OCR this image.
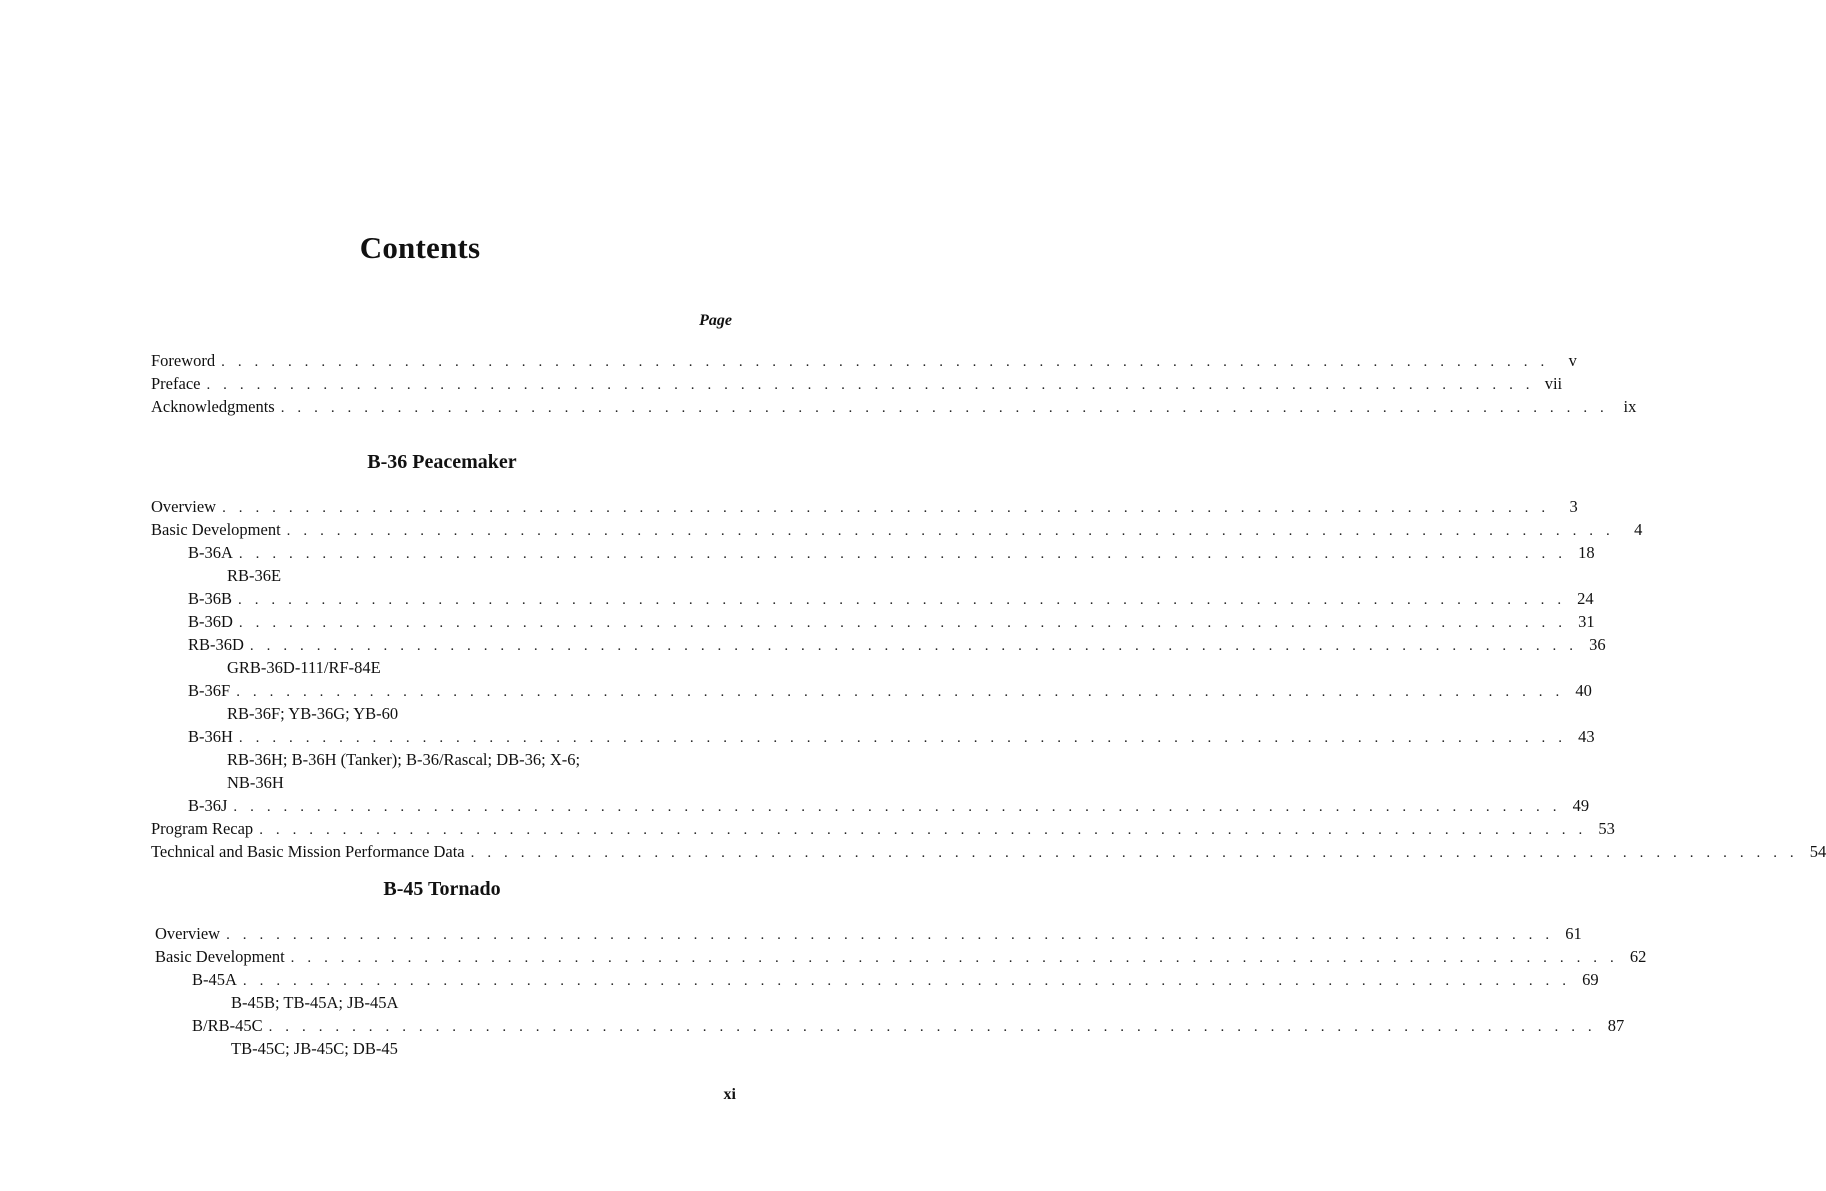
Contents
Page
Foreword . . . . . . . . . . . . . . . . . . . . . . . . . . . . . . . . . . . . . . . . . . . . . . . . . . . . . . . . . . . . . . . . . . . . . . . . . . . . . . . .	v
Preface . . . . . . . . . . . . . . . . . . . . . . . . . . . . . . . . . . . . . . . . . . . . . . . . . . . . . . . . . . . . . . . . . . . . . . . . . . . . . . . . vii
Acknowledgments . . . . . . . . . . . . . . . . . . . . . . . . . . . . . . . . . . . . . . . . . . . . . . . . . . . . . . . . . . . . . . . . . . . . . . . . . . . . . . . . ix
B-36 Peacemaker
Overview . . . . . . . . . . . . . . . . . . . . . . . . . . . . . . . . . . . . . . . . . . . . . . . . . . . . . . . . . . . . . . . . . . . . . . . . . . . . . . . .	3
Basic Development . . . . . . . . . . . . . . . . . . . . . . . . . . . . . . . . . . . . . . . . . . . . . . . . . . . . . . . . . . . . . . . . . . . . . . . . . . . . . . . .	4
B-36A . . . . . . . . . . . . . . . . . . . . . . . . . . . . . . . . . . . . . . . . . . . . . . . . . . . . . . . . . . . . . . . . . . . . . . . . . . . . . . . . 18
RB-36E
B-36B . . . . . . . . . . . . . . . . . . . . . . . . . . . . . . . . . . . . . . . . . . . . . . . . . . . . . . . . . . . . . . . . . . . . . . . . . . . . . . . . 24
B-36D . . . . . . . . . . . . . . . . . . . . . . . . . . . . . . . . . . . . . . . . . . . . . . . . . . . . . . . . . . . . . . . . . . . . . . . . . . . . . . . . 31
RB-36D . . . . . . . . . . . . . . . . . . . . . . . . . . . . . . . . . . . . . . . . . . . . . . . . . . . . . . . . . . . . . . . . . . . . . . . . . . . . . . . . 36
GRB-36D-111/RF-84E
B-36F . . . . . . . . . . . . . . . . . . . . . . . . . . . . . . . . . . . . . . . . . . . . . . . . . . . . . . . . . . . . . . . . . . . . . . . . . . . . . . . . 40
RB-36F; YB-36G; YB-60
B-36H . . . . . . . . . . . . . . . . . . . . . . . . . . . . . . . . . . . . . . . . . . . . . . . . . . . . . . . . . . . . . . . . . . . . . . . . . . . . . . . . 43
RB-36H; B-36H (Tanker); B-36/Rascal; DB-36; X-6;
NB-36H
B-36J . . . . . . . . . . . . . . . . . . . . . . . . . . . . . . . . . . . . . . . . . . . . . . . . . . . . . . . . . . . . . . . . . . . . . . . . . . . . . . . . 49
Program Recap . . . . . . . . . . . . . . . . . . . . . . . . . . . . . . . . . . . . . . . . . . . . . . . . . . . . . . . . . . . . . . . . . . . . . . . . . . . . . . . . 53
Technical and Basic Mission Performance Data . . . . . . . . . . . . . . . . . . . . . . . . . . . . . . . . . . . . . . . . . . . . . . . . . . . . . . . . . . . . . . . . . . . . . . . . . . . . . . . . 54
B-45 Tornado
Overview . . . . . . . . . . . . . . . . . . . . . . . . . . . . . . . . . . . . . . . . . . . . . . . . . . . . . . . . . . . . . . . . . . . . . . . . . . . . . . . . 61
Basic Development . . . . . . . . . . . . . . . . . . . . . . . . . . . . . . . . . . . . . . . . . . . . . . . . . . . . . . . . . . . . . . . . . . . . . . . . . . . . . . . . 62
B-45A . . . . . . . . . . . . . . . . . . . . . . . . . . . . . . . . . . . . . . . . . . . . . . . . . . . . . . . . . . . . . . . . . . . . . . . . . . . . . . . . 69
B-45B; TB-45A; JB-45A
B/RB-45C . . . . . . . . . . . . . . . . . . . . . . . . . . . . . . . . . . . . . . . . . . . . . . . . . . . . . . . . . . . . . . . . . . . . . . . . . . . . . . . . 87
TB-45C; JB-45C; DB-45
xi
